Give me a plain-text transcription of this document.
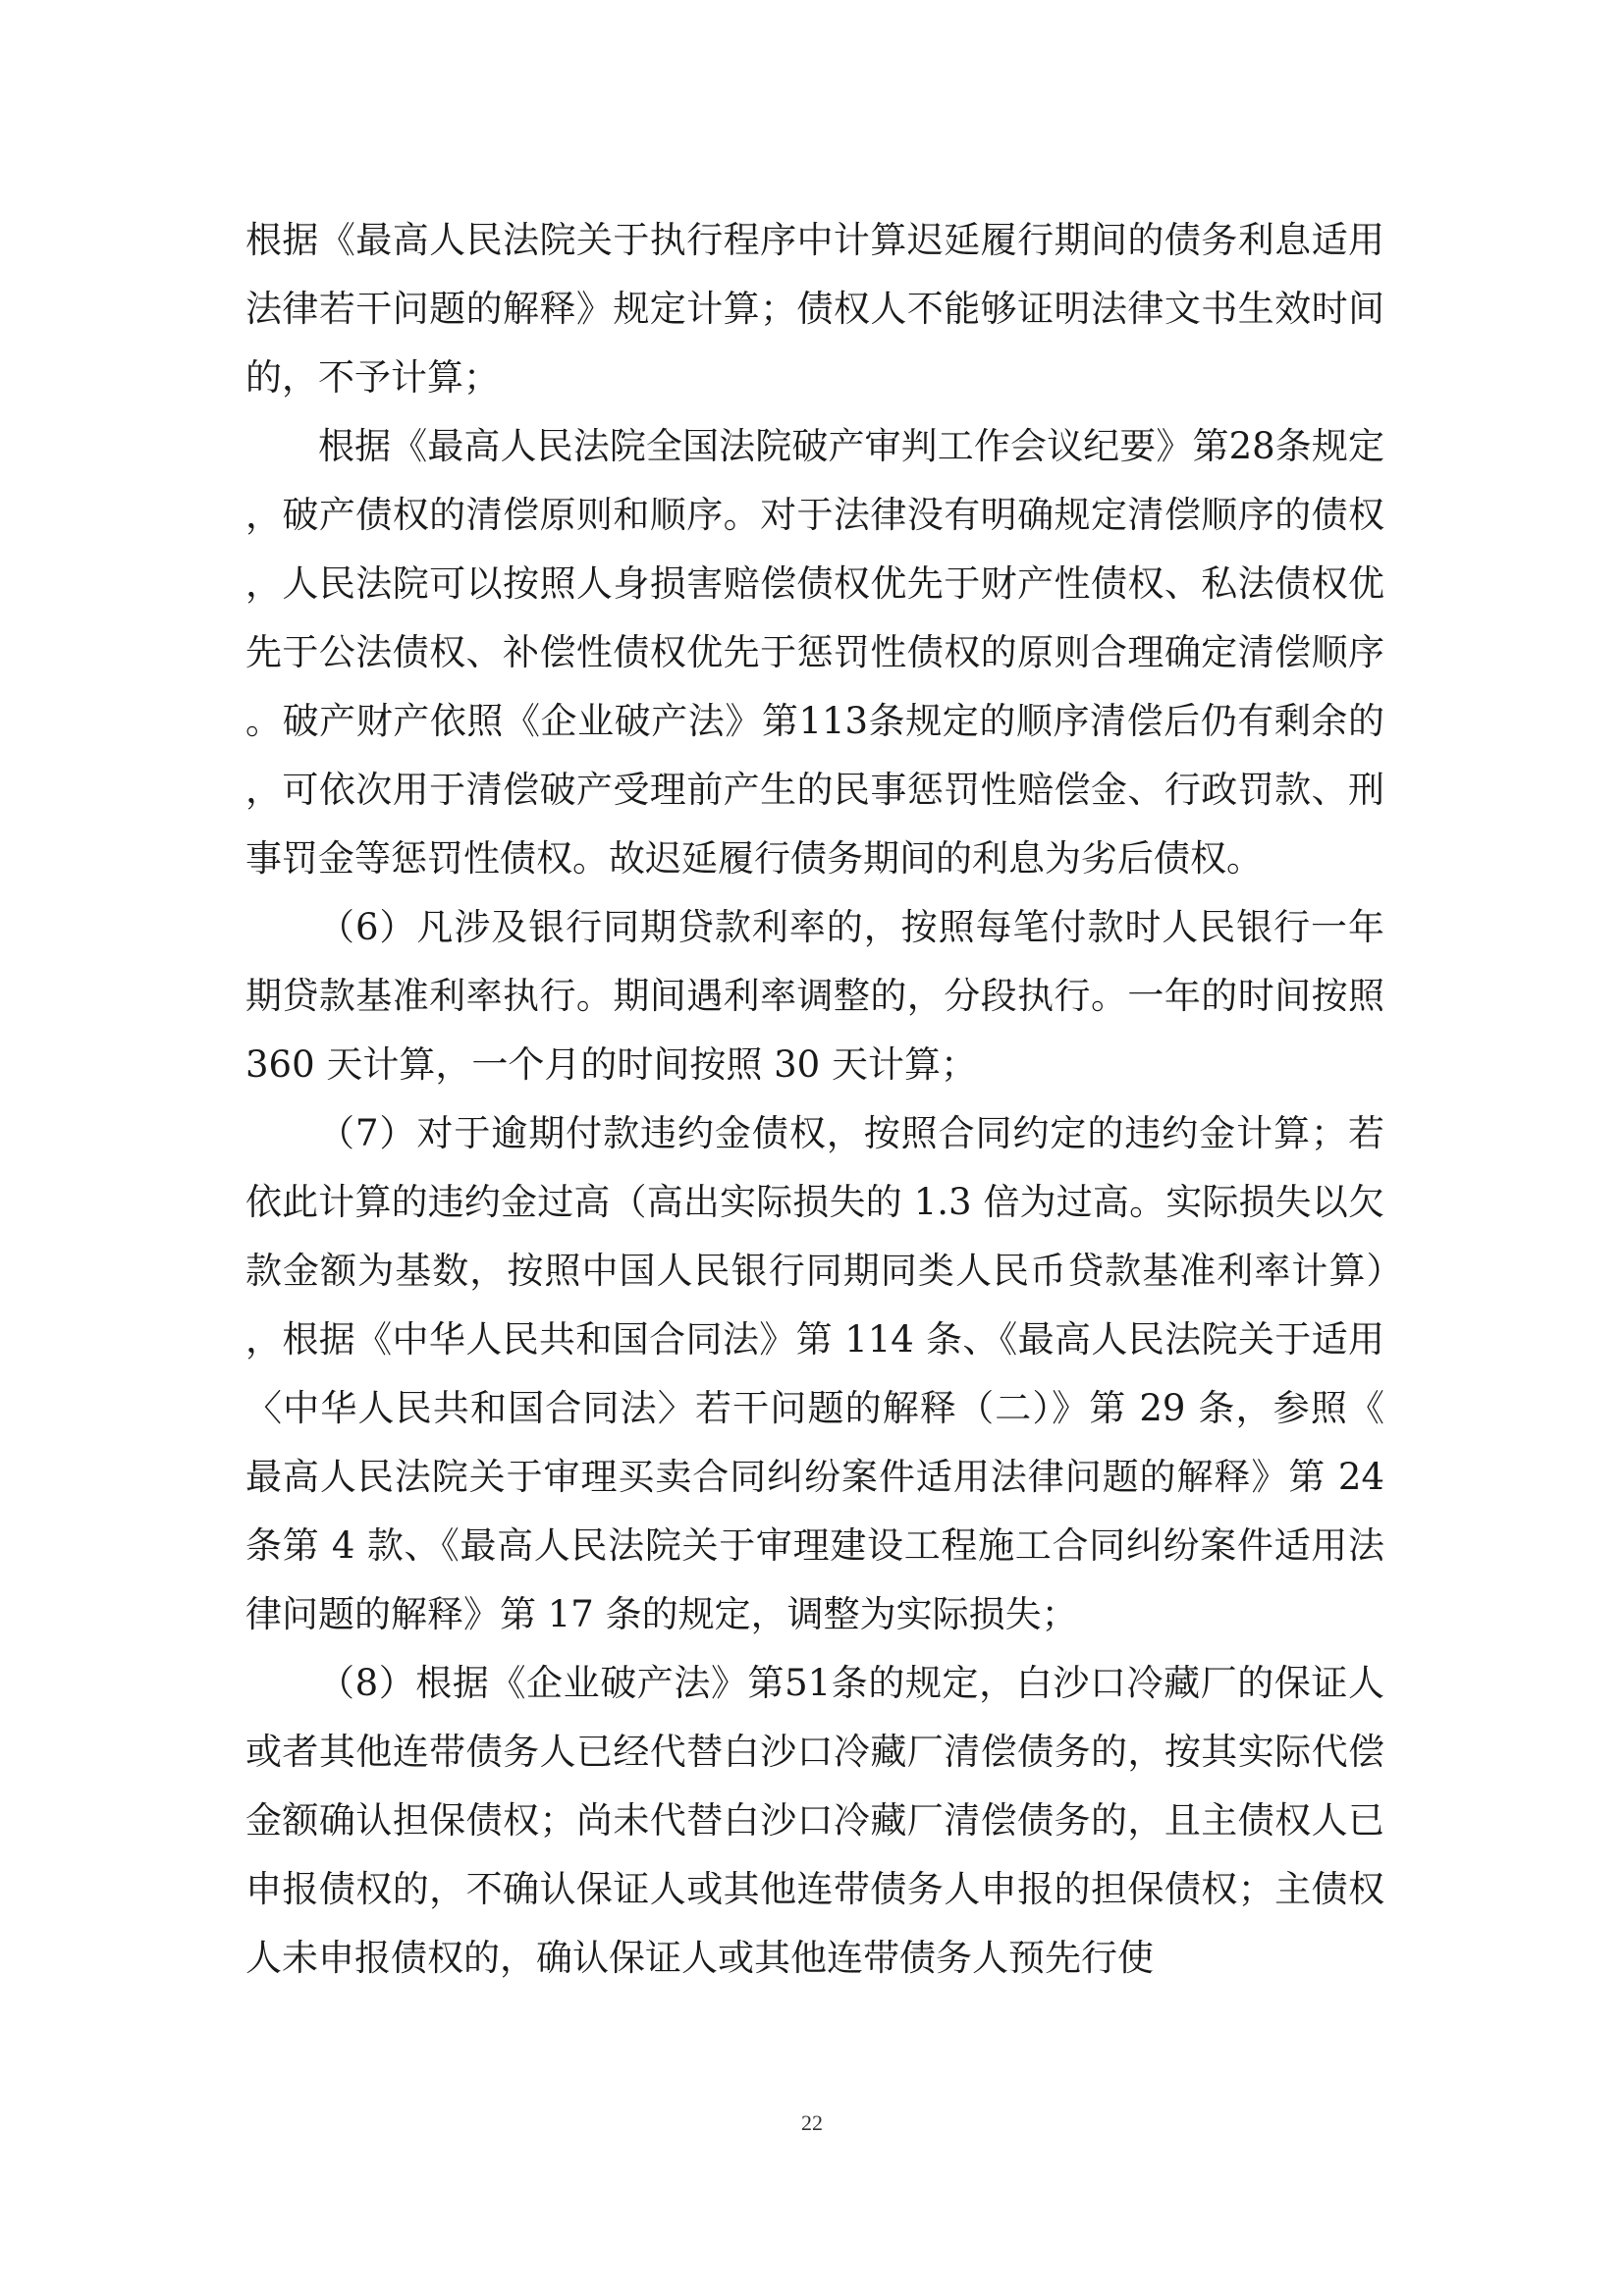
根据《最高人民法院关于执行程序中计算迟延履行期间的债务利息适用法律若干问题的解释》规定计算；债权人不能够证明法律文书生效时间的，不予计算；

根据《最高人民法院全国法院破产审判工作会议纪要》第28条规定，破产债权的清偿原则和顺序。对于法律没有明确规定清偿顺序的债权，人民法院可以按照人身损害赔偿债权优先于财产性债权、私法债权优先于公法债权、补偿性债权优先于惩罚性债权的原则合理确定清偿顺序。破产财产依照《企业破产法》第113条规定的顺序清偿后仍有剩余的，可依次用于清偿破产受理前产生的民事惩罚性赔偿金、行政罚款、刑事罚金等惩罚性债权。故迟延履行债务期间的利息为劣后债权。

（6）凡涉及银行同期贷款利率的，按照每笔付款时人民银行一年期贷款基准利率执行。期间遇利率调整的，分段执行。一年的时间按照 360 天计算，一个月的时间按照 30 天计算；

（7）对于逾期付款违约金债权，按照合同约定的违约金计算；若依此计算的违约金过高（高出实际损失的 1.3 倍为过高。实际损失以欠款金额为基数，按照中国人民银行同期同类人民币贷款基准利率计算），根据《中华人民共和国合同法》第 114 条、《最高人民法院关于适用〈中华人民共和国合同法〉若干问题的解释（二）》第 29 条，参照《最高人民法院关于审理买卖合同纠纷案件适用法律问题的解释》第 24 条第 4 款、《最高人民法院关于审理建设工程施工合同纠纷案件适用法律问题的解释》第 17 条的规定，调整为实际损失；

（8）根据《企业破产法》第51条的规定，白沙口冷藏厂的保证人或者其他连带债务人已经代替白沙口冷藏厂清偿债务的，按其实际代偿金额确认担保债权；尚未代替白沙口冷藏厂清偿债务的，且主债权人已申报债权的，不确认保证人或其他连带债务人申报的担保债权；主债权人未申报债权的，确认保证人或其他连带债务人预先行使

22
